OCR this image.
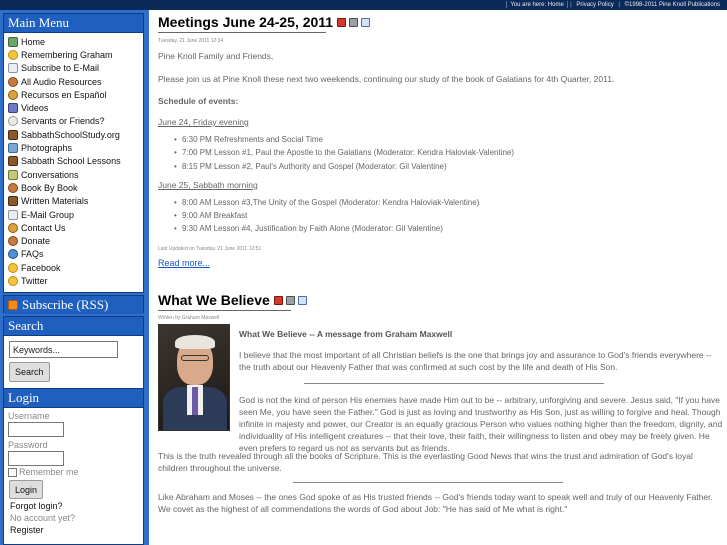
[ You are here: Home ] | Privacy Policy | ©1998-2011 Pine Knoll Publications
Main Menu
Home
Remembering Graham
Subscribe to E-Mail
All Audio Resources
Recursos en Español
Videos
Servants or Friends?
SabbathSchoolStudy.org
Photographs
Sabbath School Lessons
Conversations
Book By Book
Written Materials
E-Mail Group
Contact Us
Donate
FAQs
Facebook
Twitter
Subscribe (RSS)
Search
Keywords...
Search
Login
Username
Password
Remember me
Login
Forgot login?
No account yet?
Register
Meetings June 24-25, 2011
Tuesday, 21 June 2011 12:34
Pine Knoll Family and Friends,
Please join us at Pine Knoll these next two weekends, continuing our study of the book of Galatians for 4th Quarter, 2011.
Schedule of events:
June 24, Friday evening
• 6:30 PM Refreshments and Social Time
• 7:00 PM Lesson #1, Paul the Apostle to the Galatians (Moderator: Kendra Haloviak-Valentine)
• 8:15 PM Lesson #2, Paul's Authority and Gospel (Moderator: Gil Valentine)
June 25, Sabbath morning
• 8:00 AM Lesson #3,The Unity of the Gospel (Moderator: Kendra Haloviak-Valentine)
• 9:00 AM Breakfast
• 9:30 AM Lesson #4, Justification by Faith Alone (Moderator: Gil Valentine)
Last Updated on Tuesday, 21 June 2011 12:51
Read more...
What We Believe
Written by Graham Maxwell
What We Believe -- A message from Graham Maxwell
I believe that the most important of all Christian beliefs is the one that brings joy and assurance to God's friends everywhere -- the truth about our Heavenly Father that was confirmed at such cost by the life and death of His Son.
God is not the kind of person His enemies have made Him out to be -- arbitrary, unforgiving and severe. Jesus said, "If you have seen Me, you have seen the Father." God is just as loving and trustworthy as His Son, just as willing to forgive and heal. Though infinite in majesty and power, our Creator is an equally gracious Person who values nothing higher than the freedom, dignity, and individuality of His intelligent creatures -- that their love, their faith, their willingness to listen and obey may be freely given. He even prefers to regard us not as servants but as friends.
This is the truth revealed through all the books of Scripture. This is the everlasting Good News that wins the trust and admiration of God's loyal children throughout the universe.
Like Abraham and Moses -- the ones God spoke of as His trusted friends -- God's friends today want to speak well and truly of our Heavenly Father. We covet as the highest of all commendations the words of God about Job: "He has said of Me what is right."
